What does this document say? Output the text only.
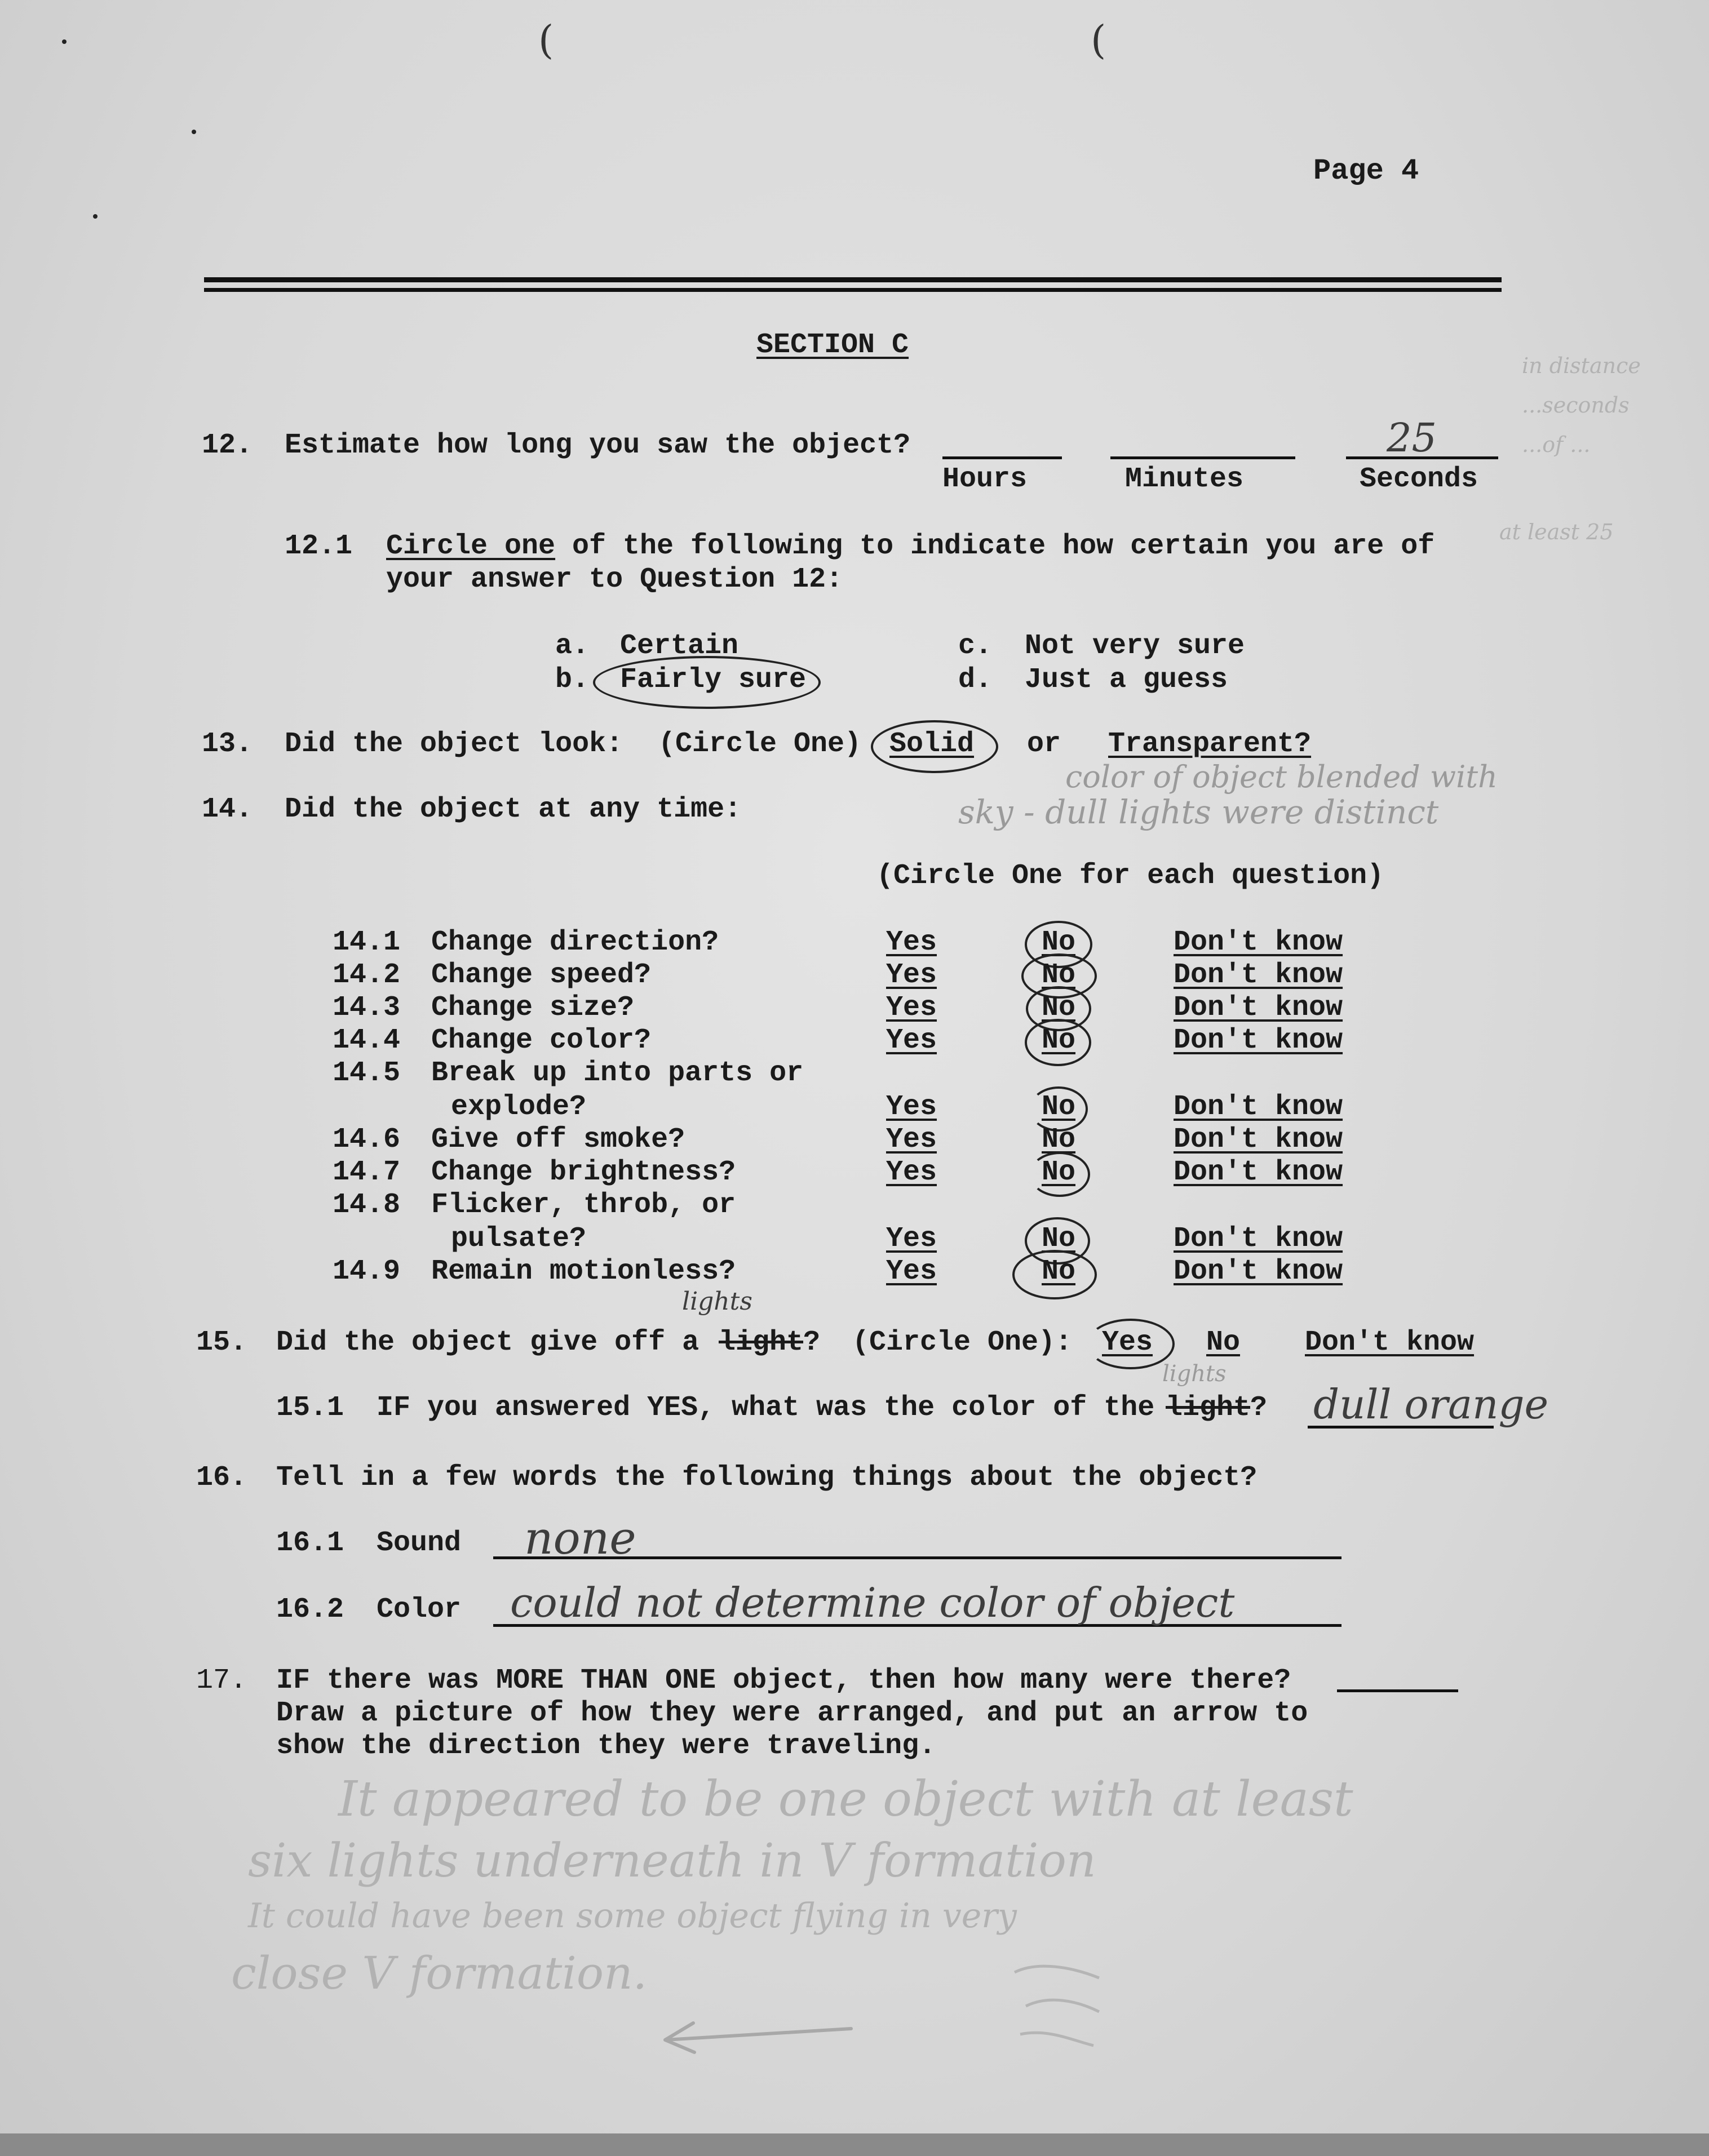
(	(
Page 4
SECTION C
12. Estimate how long you saw the object?	25
Hours	Minutes	Seconds
in distance
...seconds
...of ...
at least 25
12.1 Circle one of the following to indicate how certain you are of
your answer to Question 12:
a. Certain
b. Fairly sure
c. Not very sure
d. Just a guess
13. Did the object look: (Circle One) Solid or Transparent?
color of object blended with
sky - dull lights were distinct
14. Did the object at any time:
(Circle One for each question)
14.1 Change direction?	Yes	No	Don't know
14.2 Change speed?	Yes	No	Don't know
14.3 Change size?	Yes	No	Don't know
14.4 Change color?	Yes	No	Don't know
14.5 Break up into parts or
explode?	Yes	No	Don't know
14.6 Give off smoke?	Yes	No	Don't know
14.7 Change brightness?	Yes	No	Don't know
14.8 Flicker, throb, or
pulsate?	Yes	No	Don't know
14.9 Remain motionless?	Yes	No	Don't know
lights
15. Did the object give off a light ? (Circle One): Yes No Don't know
lights
15.1 IF you answered YES, what was the color of the light ? dull orange
16. Tell in a few words the following things about the object?
16.1 Sound none
16.2 Color could not determine color of object
17. IF there was MORE THAN ONE object, then how many were there?
Draw a picture of how they were arranged, and put an arrow to
show the direction they were traveling.
It appeared to be one object with at least
six lights underneath in V formation
It could have been some object flying in very
close V formation.
